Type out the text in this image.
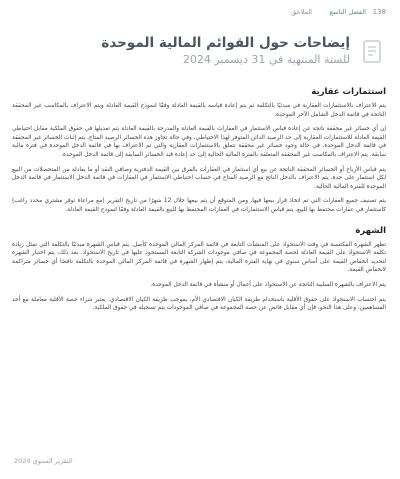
138
الفصل التاسع
الملاحق

إيضاحات حول القوائم المالية الموحدة

للسنة المنتهية في 31 ديسمبر 2024

استثمارات عقارية

يتم الاعتراف بالاستثمارات العقارية في مبدئيًا بالتكلفة ثم يتم إعادة قياسه بالقيمة العادلة وفقًا لنموذج القيمة العادلة ويتم الاعتراف بالمكاسب غير المحققة الناتجة في قائمة الدخل الشامل الآخر الموحدة.

إن أي خسائر غير محققة ناتجة عن إعادة قياس الاستثمار في العقارات بالقيمة العادلة والمدرجة بالقيمة العادلة يتم تعديلها في حقوق الملكية مقابل احتياطي القيمة العادلة للاستثمارات العقارية إلى حد الرصيد الدائن المتوفر لهذا الاحتياطي، وفي حالة تجاوز هذه الخسائر الرصيد المتاح، يتم إثبات الخسائر غير المحققة في قائمة الدخل الموحدة. في حالة وجود خسائر غير محققة تتعلق بالاستثمارات العقارية والتي تم الاعتراف بها في قائمة الدخل الموحدة في فترة مالية سابقة، يتم الاعتراف بالمكاسب غير المحققة المتعلقة بالفترة المالية الحالية إلى حد إعادة قيد الخسائر السابقة إلى قائمة الدخل الموحدة.

يتم قياس الأرباح أو الخسائر المحققة الناتجة عن بيع أي استثمار في العقارات بالفرق بين القيمة الدفترية وصافي النقد أو ما يعادله من المتحصلات من البيع لكل استثمار على حدة. يتم الاعتراف بالدخل الناتج مع الرصيد المتاح في حساب احتياطي الاستثمار في العقارات في قائمة الدخل الاستثمار في قائمة الدخل الموحدة للفترة المالية الحالية.

يتم تصنيف جميع العقارات التي تم اتخاذ قرار بيعها فيها، ومن المتوقع أن يتم بيعها خلال 12 شهرًا من تاريخ التقرير (مع مراعاة توفر مشتري محدد راغب) كاستثمار في عقارات محتفظ بها للبيع. يتم قياس الاستثمارات في العقارات المحتفظ بها للبيع بالقيمة العادلة وفقًا لنموذج القيمة العادلة.

الشهرة

تظهر الشهرة المكتسبة في وقت الاستحواذ على المنشآت التابعة في قائمة المركز المالي الموحدة كأصل. يتم قياس الشهرة مبدئيًا بالتكلفة التي تمثل زيادة تكلفة الاستحواذ على القيمة العادلة لحصة المجموعة في صافي موجودات الشركة التابعة المستحوذ عليها في تاريخ الاستحواذ. بعد ذلك، يتم اختبار الشهرة لتحديد انخفاض القيمة على أساس سنوي في نهاية الفترة المالية، يتم إظهار الشهرة في قائمة المركز المالي الموحدة بالتكلفة ناقصًا أي خسائر متراكمة لانخفاض القيمة.

يتم الاعتراف بالشهرة السلبية الناتجة عن الاستحواذ على أعمال أو منشأة في قائمة الدخل الموحدة.

يتم احتساب الاستحواذ على حقوق الأقلية باستخدام طريقة الكيان الاقتصادي الأم، بموجب طريقة الكيان الاقتصادي، يعتبر شراء حصة الأقلية معاملة مع أحد المساهمين، وعلى هذا النحو، فإن أي مقابل فائض عن حصة المجموعة في صافي الموجودات يتم تسجيله في حقوق الملكية.

التقرير السنوي 2024
